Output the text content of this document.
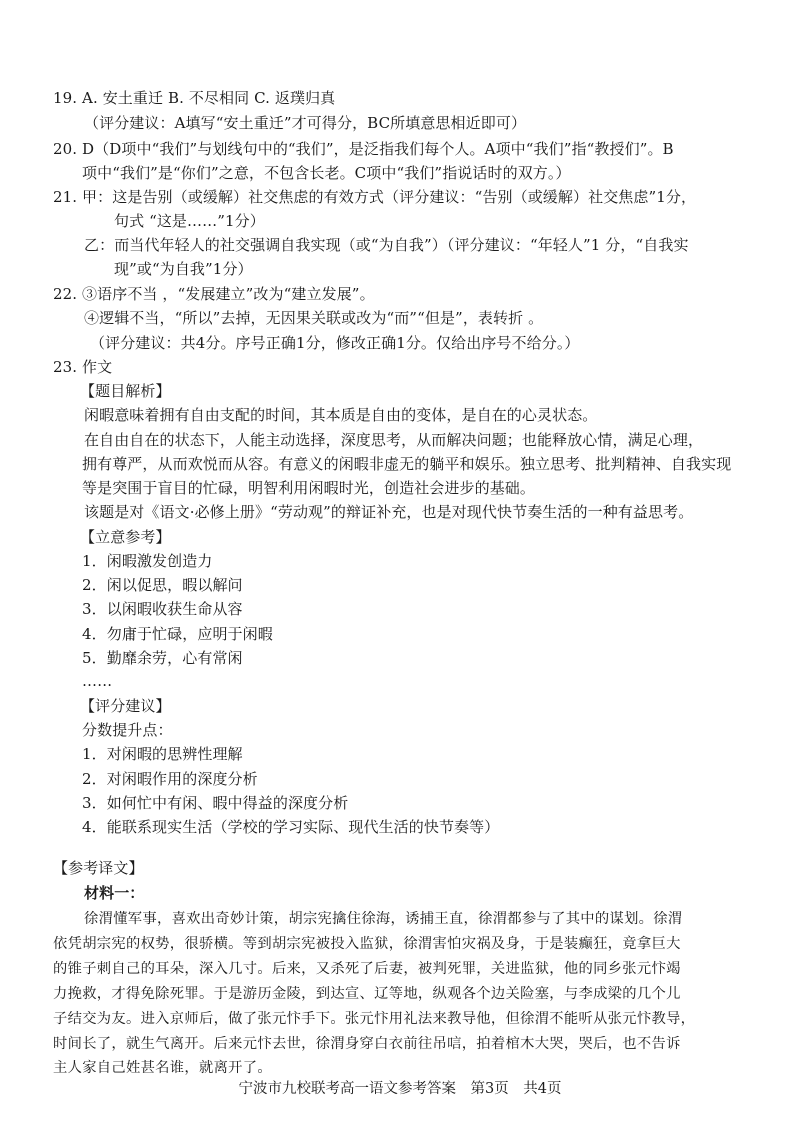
19. A. 安土重迁 B. 不尽相同 C. 返璞归真
（评分建议：A填写“安土重迁”才可得分，BC所填意思相近即可）
20. D（D项中“我们”与划线句中的“我们”，是泛指我们每个人。A项中“我们”指“教授们”。B
项中“我们”是“你们”之意，不包含长老。C项中“我们”指说话时的双方。）
21. 甲：这是告别（或缓解）社交焦虑的有效方式（评分建议：“告别（或缓解）社交焦虑”1分，
句式 “这是……”1分）
乙：而当代年轻人的社交强调自我实现（或“为自我”）（评分建议：“年轻人”1 分，“自我实
现”或“为自我”1分）
22. ③语序不当 ，“发展建立”改为“建立发展”。
④逻辑不当，“所以”去掉，无因果关联或改为“而”“但是”，表转折 。
（评分建议：共4分。序号正确1分，修改正确1分。仅给出序号不给分。）
23. 作文
【题目解析】
闲暇意味着拥有自由支配的时间，其本质是自由的变体，是自在的心灵状态。
在自由自在的状态下，人能主动选择，深度思考，从而解决问题；也能释放心情，满足心理，
拥有尊严，从而欢悦而从容。有意义的闲暇非虚无的躺平和娱乐。独立思考、批判精神、自我实现
等是突围于盲目的忙碌，明智利用闲暇时光，创造社会进步的基础。
该题是对《语文·必修上册》“劳动观”的辩证补充，也是对现代快节奏生活的一种有益思考。
【立意参考】
1．闲暇激发创造力
2．闲以促思，暇以解问
3．以闲暇收获生命从容
4．勿庸于忙碌，应明于闲暇
5．勤靡余劳，心有常闲
……
【评分建议】
分数提升点：
1．对闲暇的思辨性理解
2．对闲暇作用的深度分析
3．如何忙中有闲、暇中得益的深度分析
4．能联系现实生活（学校的学习实际、现代生活的快节奏等）
【参考译文】
材料一：
徐渭懂军事，喜欢出奇妙计策，胡宗宪擒住徐海，诱捕王直，徐渭都参与了其中的谋划。徐渭
依凭胡宗宪的权势，很骄横。等到胡宗宪被投入监狱，徐渭害怕灾祸及身，于是装癫狂，竟拿巨大
的锥子刺自己的耳朵，深入几寸。后来，又杀死了后妻，被判死罪，关进监狱，他的同乡张元忭竭
力挽救，才得免除死罪。于是游历金陵，到达宣、辽等地，纵观各个边关险塞，与李成梁的几个儿
子结交为友。进入京师后，做了张元忭手下。张元忭用礼法来教导他，但徐渭不能听从张元忭教导，
时间长了，就生气离开。后来元忭去世，徐渭身穿白衣前往吊唁，拍着棺木大哭，哭后，也不告诉
主人家自己姓甚名谁，就离开了。
宁波市九校联考高一语文参考答案　第3页　共4页
